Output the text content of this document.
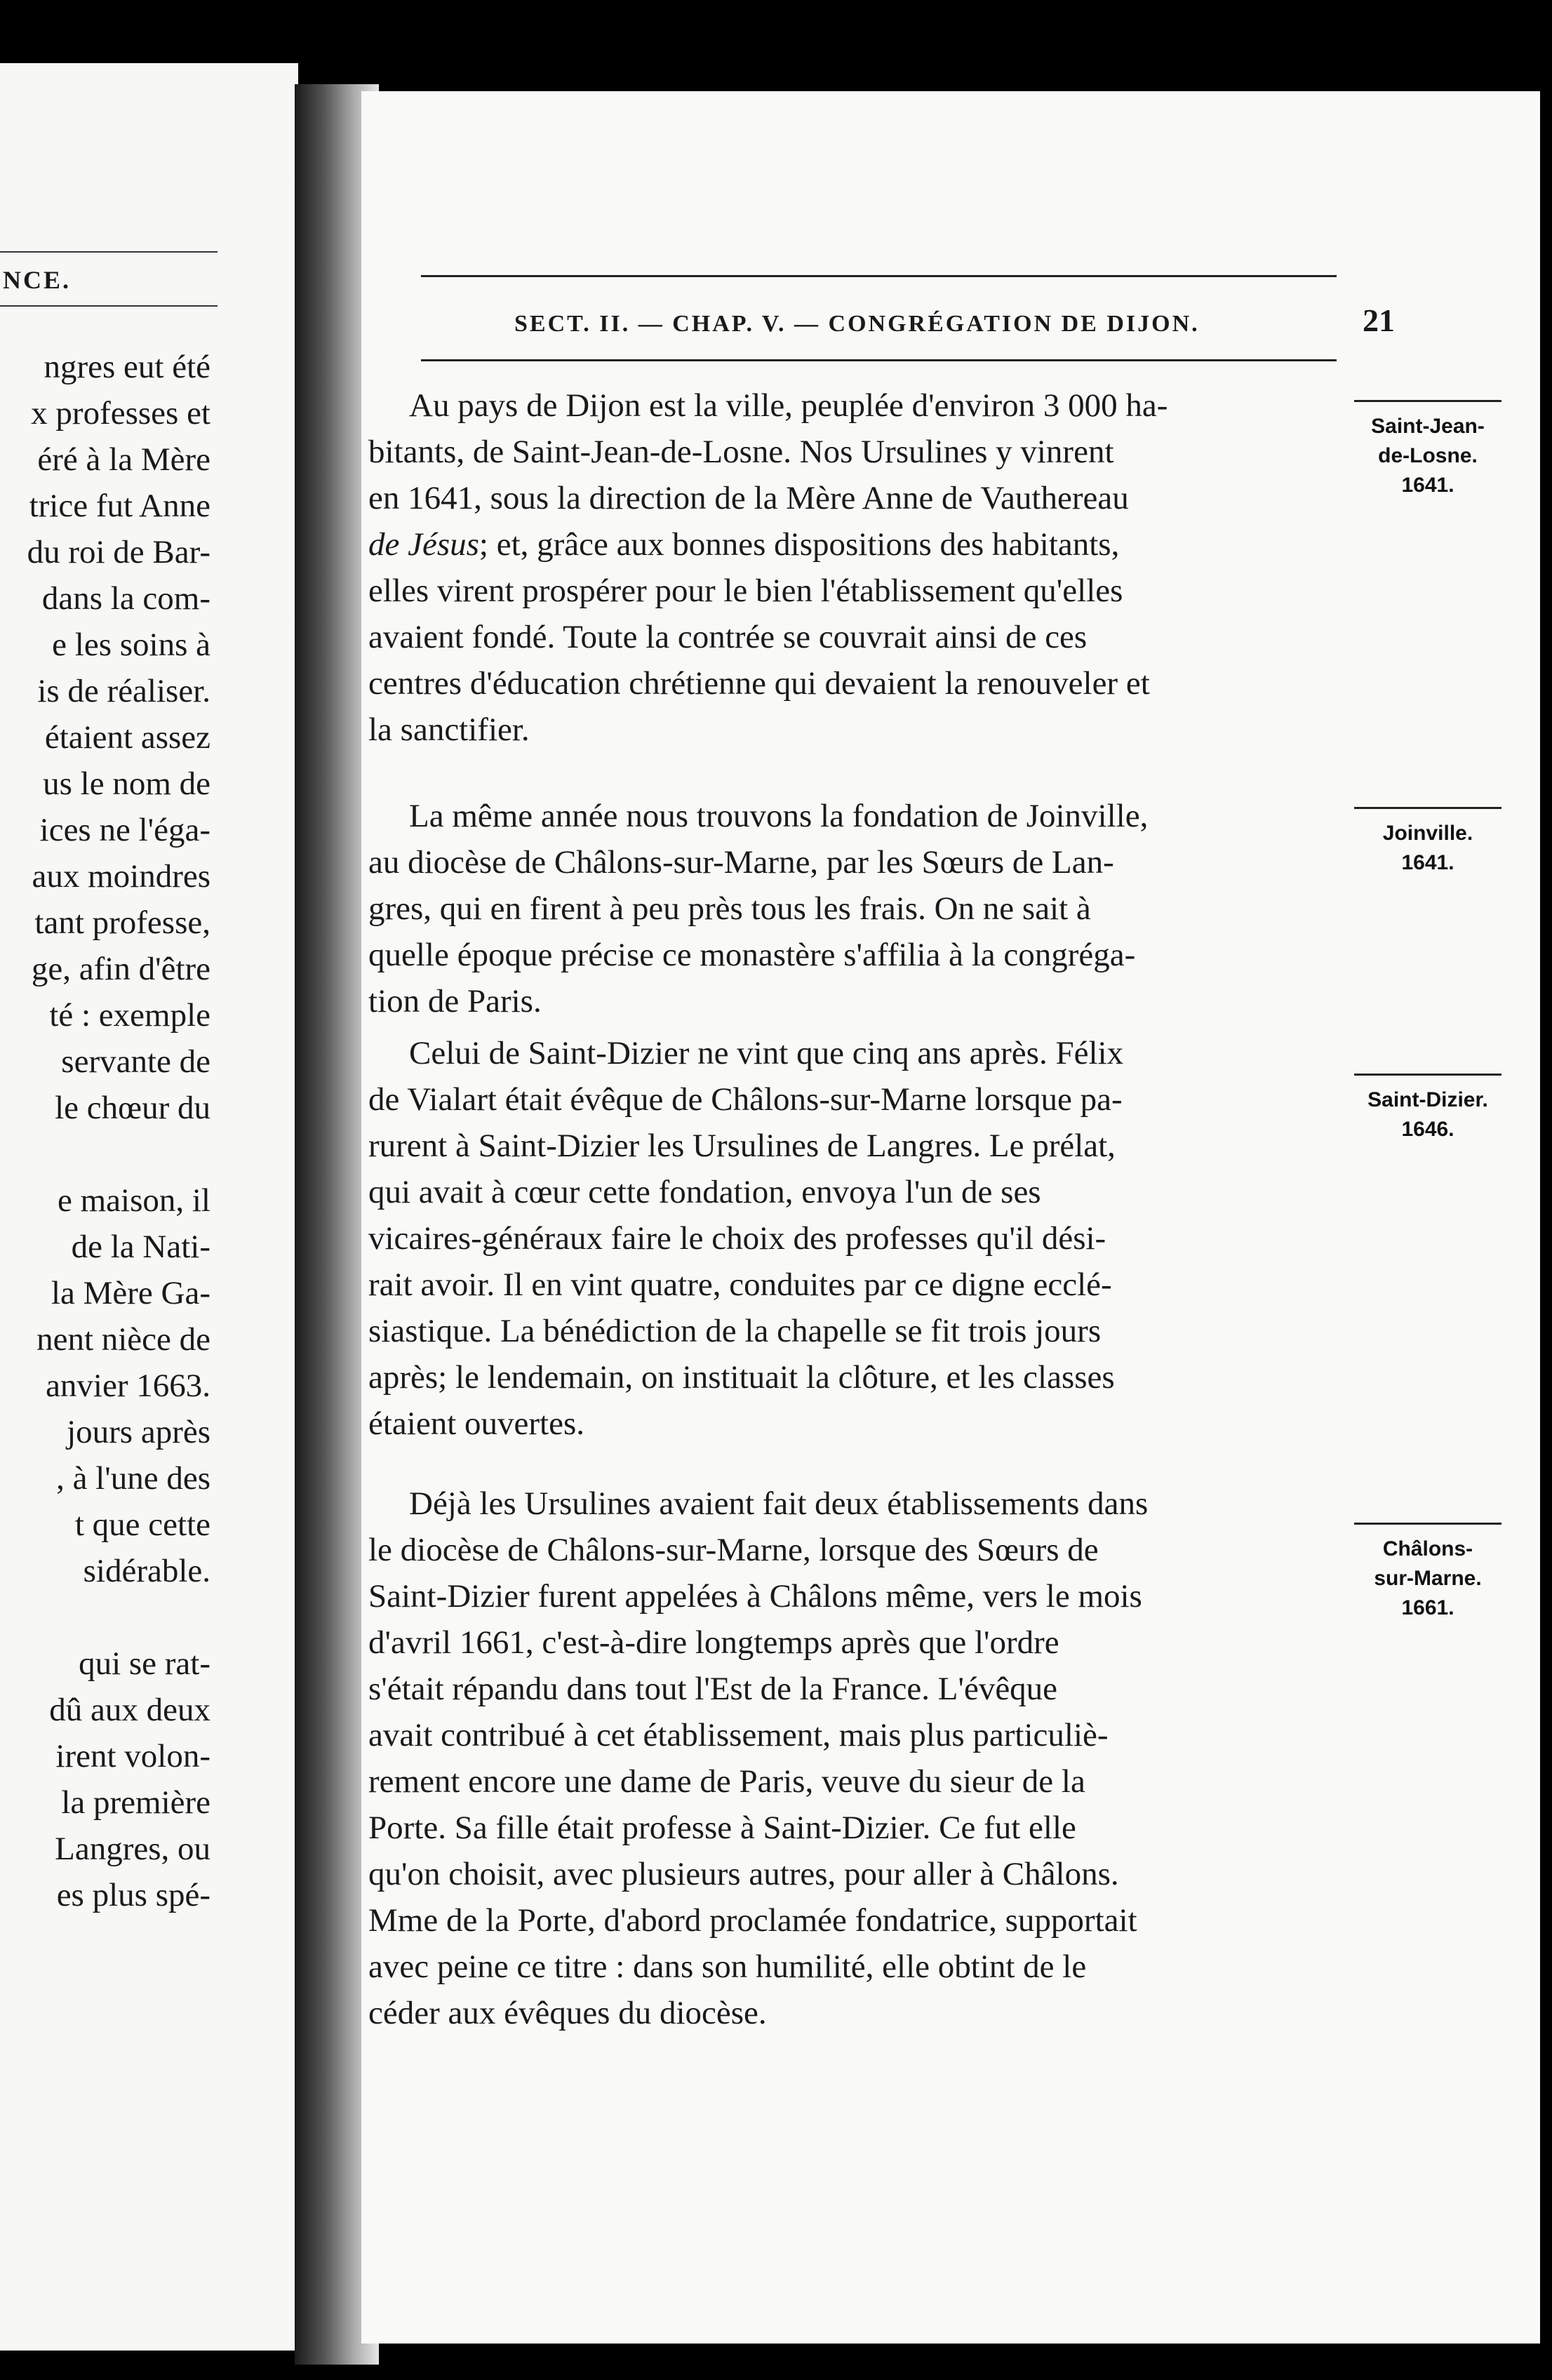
NCE.
ngres eut été
x professes et
éré à la Mère
trice fut Anne
du roi de Bar-
dans la com-
e les soins à
is de réaliser.
étaient assez
us le nom de
ices ne l'éga-
aux moindres
tant professe,
ge, afin d'être
té : exemple
servante de
le chœur du
e maison, il
de la Nati-
la Mère Ga-
nent nièce de
anvier 1663.
jours après
, à l'une des
t que cette
sidérable.
qui se rat-
dû aux deux
irent volon-
la première
Langres, ou
es plus spé-
SECT. II. — CHAP. V. — CONGRÉGATION DE DIJON.	21
Au pays de Dijon est la ville, peuplée d'environ 3 000 ha-
bitants, de Saint-Jean-de-Losne. Nos Ursulines y vinrent
en 1641, sous la direction de la Mère Anne de Vauthereau
de Jésus; et, grâce aux bonnes dispositions des habitants,
elles virent prospérer pour le bien l'établissement qu'elles
avaient fondé. Toute la contrée se couvrait ainsi de ces
centres d'éducation chrétienne qui devaient la renouveler et
la sanctifier.
La même année nous trouvons la fondation de Joinville,
au diocèse de Châlons-sur-Marne, par les Sœurs de Lan-
gres, qui en firent à peu près tous les frais. On ne sait à
quelle époque précise ce monastère s'affilia à la congréga-
tion de Paris.
Celui de Saint-Dizier ne vint que cinq ans après. Félix
de Vialart était évêque de Châlons-sur-Marne lorsque pa-
rurent à Saint-Dizier les Ursulines de Langres. Le prélat,
qui avait à cœur cette fondation, envoya l'un de ses
vicaires-généraux faire le choix des professes qu'il dési-
rait avoir. Il en vint quatre, conduites par ce digne ecclé-
siastique. La bénédiction de la chapelle se fit trois jours
après; le lendemain, on instituait la clôture, et les classes
étaient ouvertes.
Déjà les Ursulines avaient fait deux établissements dans
le diocèse de Châlons-sur-Marne, lorsque des Sœurs de
Saint-Dizier furent appelées à Châlons même, vers le mois
d'avril 1661, c'est-à-dire longtemps après que l'ordre
s'était répandu dans tout l'Est de la France. L'évêque
avait contribué à cet établissement, mais plus particuliè-
rement encore une dame de Paris, veuve du sieur de la
Porte. Sa fille était professe à Saint-Dizier. Ce fut elle
qu'on choisit, avec plusieurs autres, pour aller à Châlons.
Mme de la Porte, d'abord proclamée fondatrice, supportait
avec peine ce titre : dans son humilité, elle obtint de le
céder aux évêques du diocèse.
Saint-Jean-
de-Losne.
1641.
Joinville.
1641.
Saint-Dizier.
1646.
Châlons-
sur-Marne.
1661.
